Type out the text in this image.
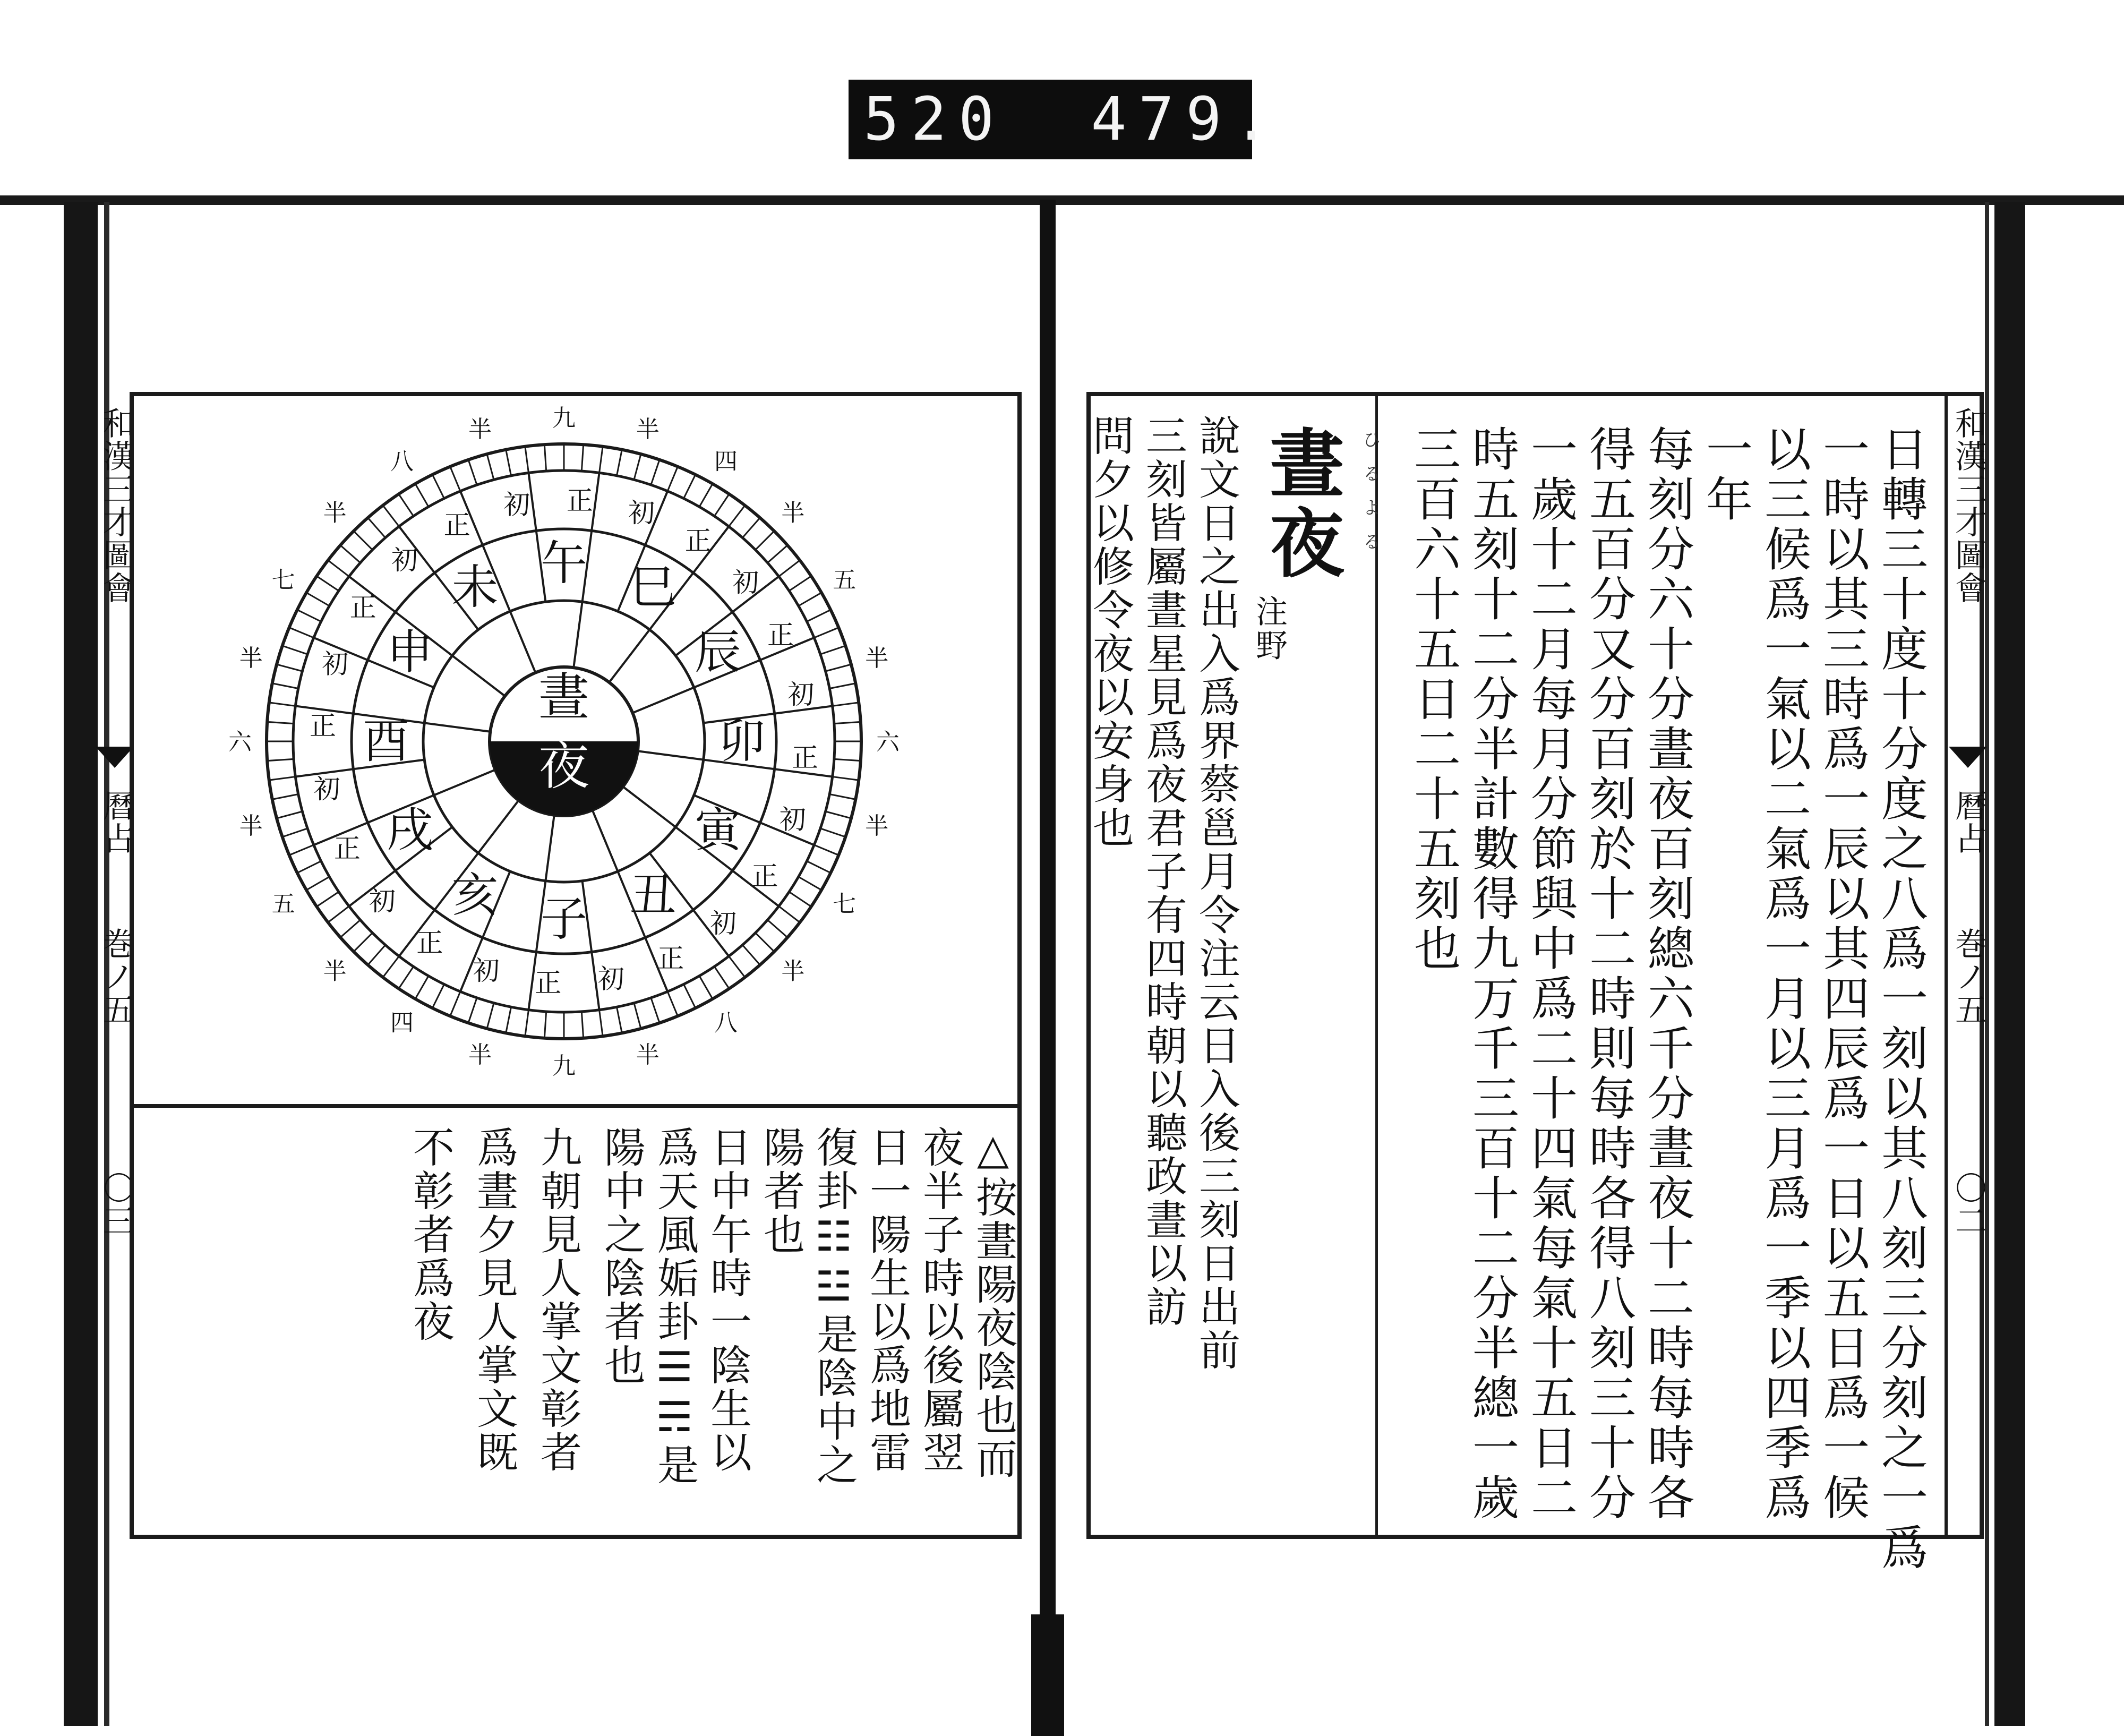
520 479.
和漢三才圖會
曆占
巻ノ五
〇三
晝
夜
子 丑
寅
卯
辰
巳
午
未
申
酉
戌
亥
正 初
正
初
正
初
正
初
正
初
正
初
正
初
正
初
正
初
正
初
正
初
正
初
九	半
八
半
七
半
六
半
五
半
四
半
九
半
八
半
七
半
六
半
五
半
四
半
△按晝陽夜陰也而
夜半子時以後屬翌
日一陽生以爲地雷
復卦☷☳是陰中之
陽者也
日中午時一陰生以
爲天風姤卦☰☴是
陽中之陰者也
九朝見人掌文彰者
爲晝夕見人掌文既
不彰者爲夜
和漢三才圖會
曆占
巻ノ五
〇二
日轉三十度十分度之八爲一刻以其八刻三分刻之一爲
一時以其三時爲一辰以其四辰爲一日以五日爲一候
以三候爲一氣以二氣爲一月以三月爲一季以四季爲
一年
每刻分六十分晝夜百刻總六千分晝夜十二時每時各
得五百分又分百刻於十二時則每時各得八刻三十分
一歲十二月每月分節與中爲二十四氣每氣十五日二
時五刻十二分半計數得九万千三百十二分半總一歲
三百六十五日二十五刻也
ひるよる
晝夜
注野
說文日之出入爲界蔡邕月令注云日入後三刻日出前
三刻皆屬晝星見爲夜君子有四時朝以聽政晝以訪
問夕以修令夜以安身也
